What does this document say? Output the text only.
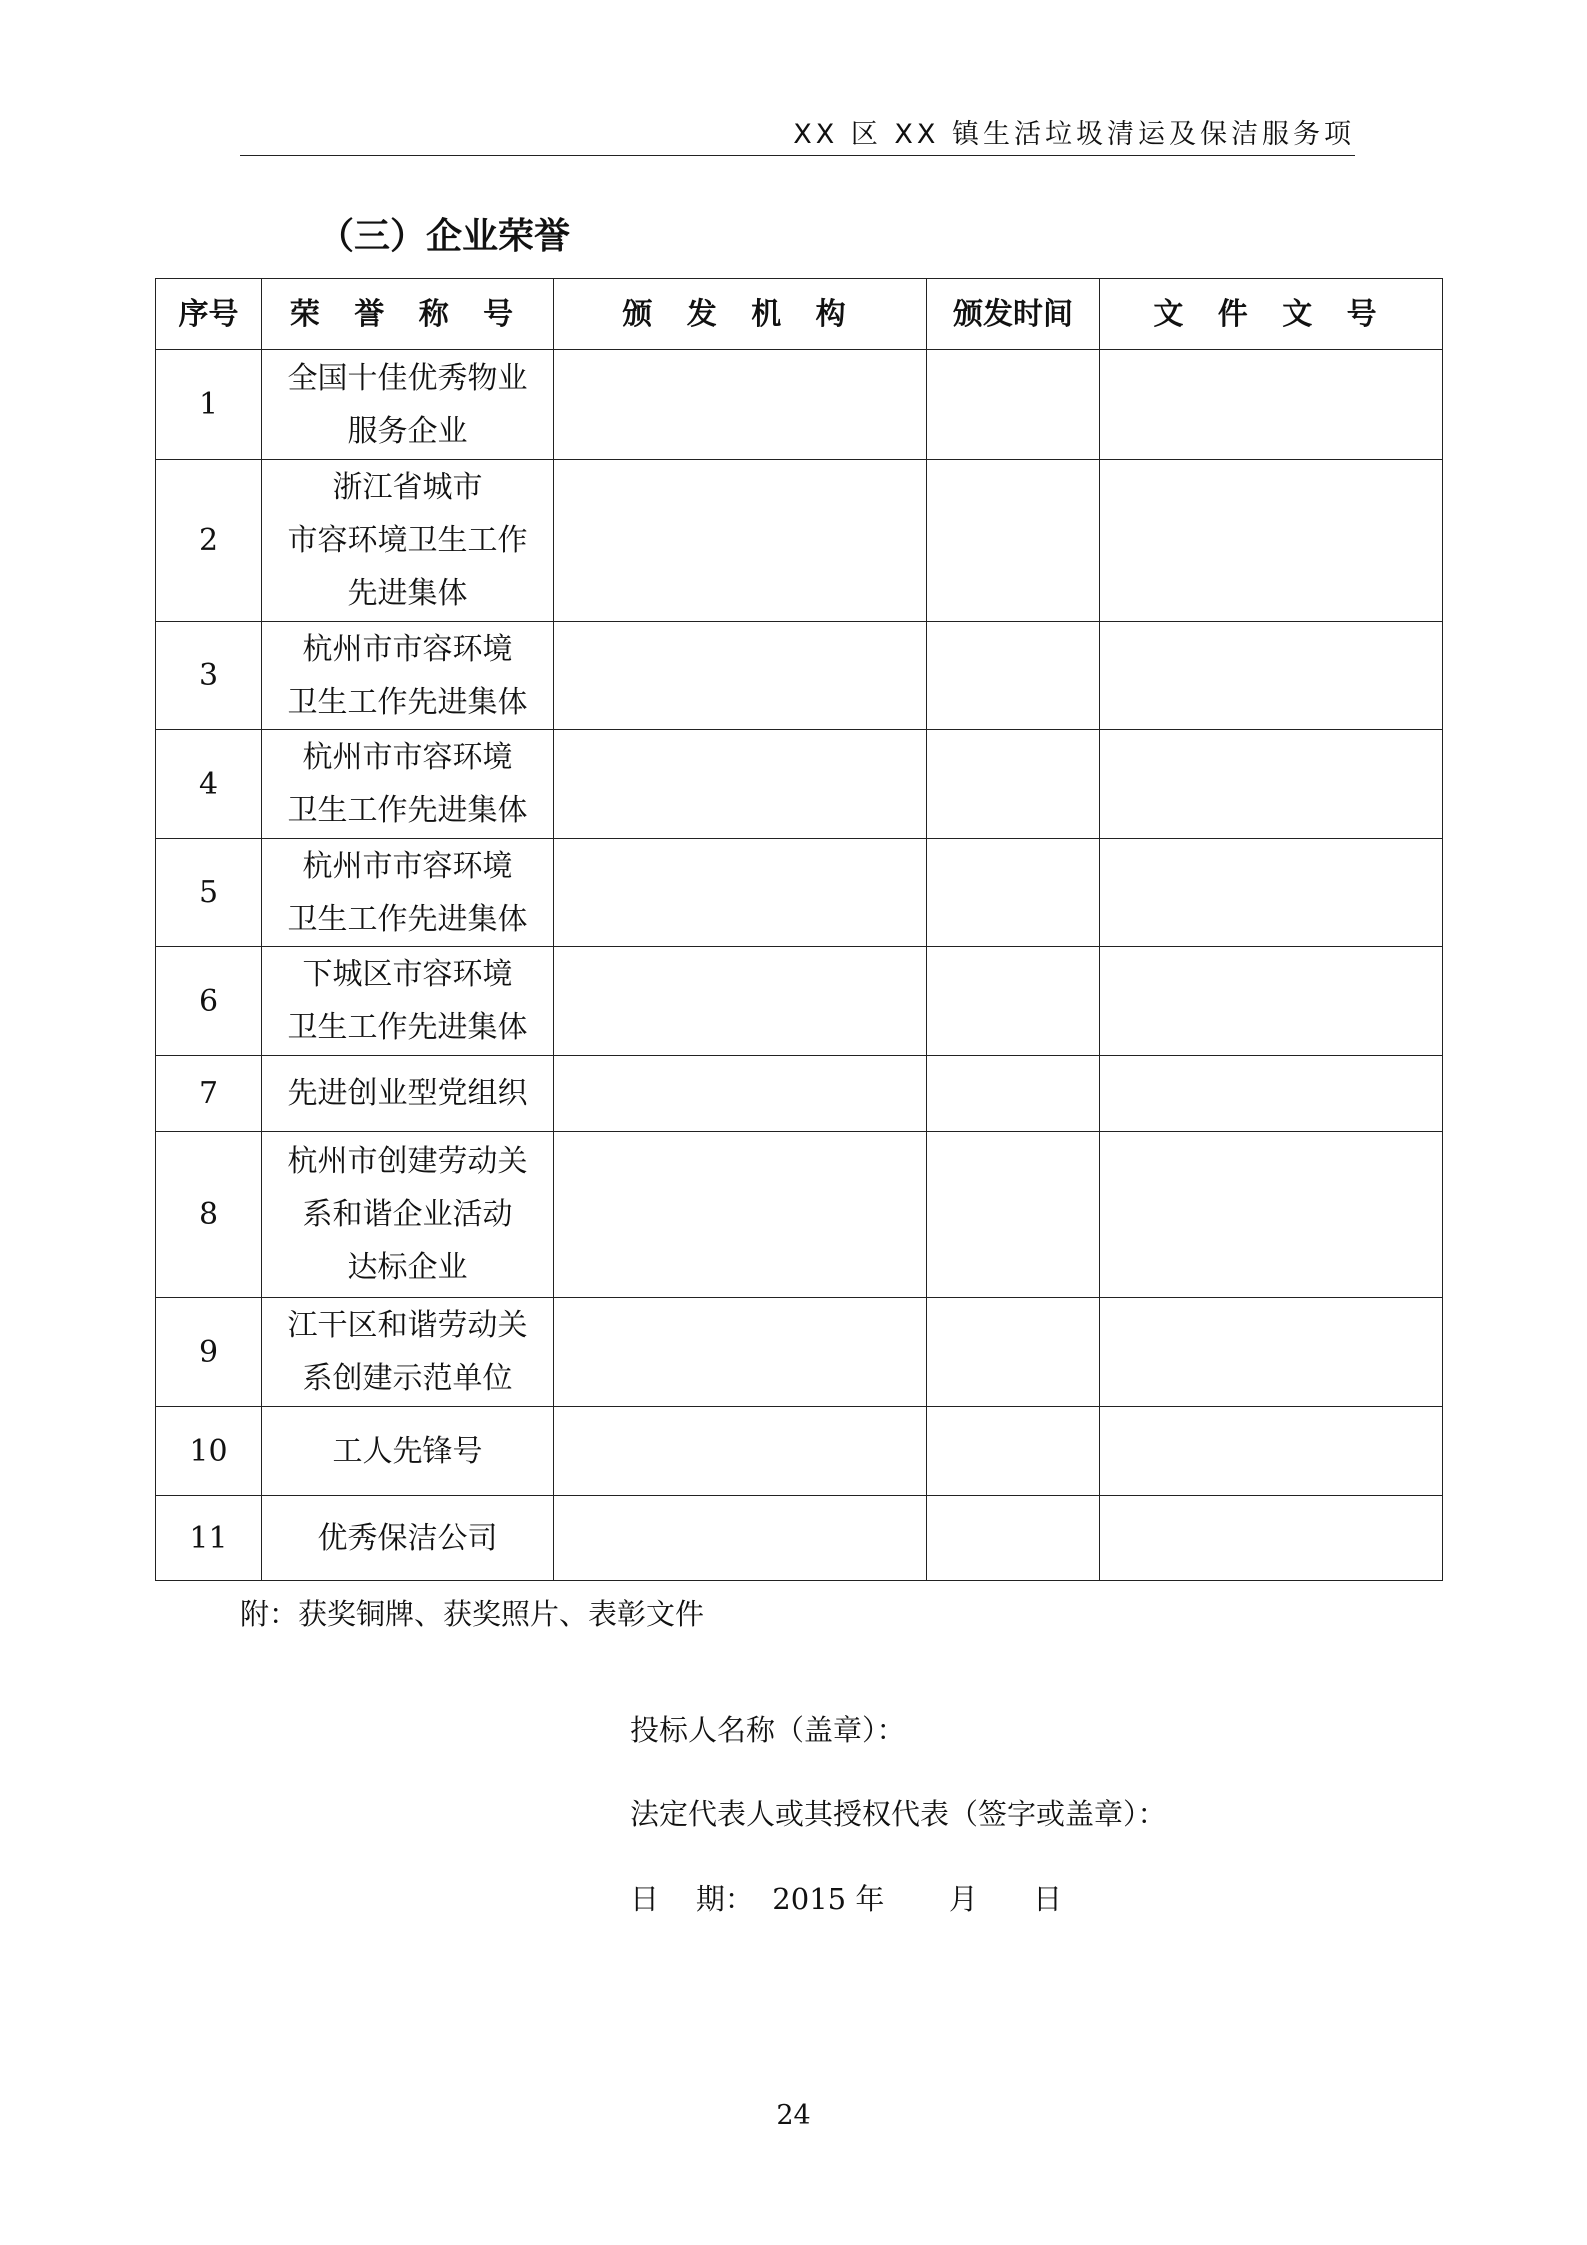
XX 区 XX 镇生活垃圾清运及保洁服务项
（三）企业荣誉
序号	荣 誉 称 号	颁 发 机 构	颁发时间	文 件 文 号
1	全国十佳优秀物业
服务企业			
2	浙江省城市
市容环境卫生工作
先进集体			
3	杭州市市容环境
卫生工作先进集体			
4	杭州市市容环境
卫生工作先进集体			
5	杭州市市容环境
卫生工作先进集体			
6	下城区市容环境
卫生工作先进集体			
7	先进创业型党组织			
8	杭州市创建劳动关
系和谐企业活动
达标企业			
9	江干区和谐劳动关
系创建示范单位			
10	工人先锋号			
11	优秀保洁公司			
附：获奖铜牌、获奖照片、表彰文件
投标人名称（盖章）：
法定代表人或其授权代表（签字或盖章）：
日    期：  2015 年       月      日
24
